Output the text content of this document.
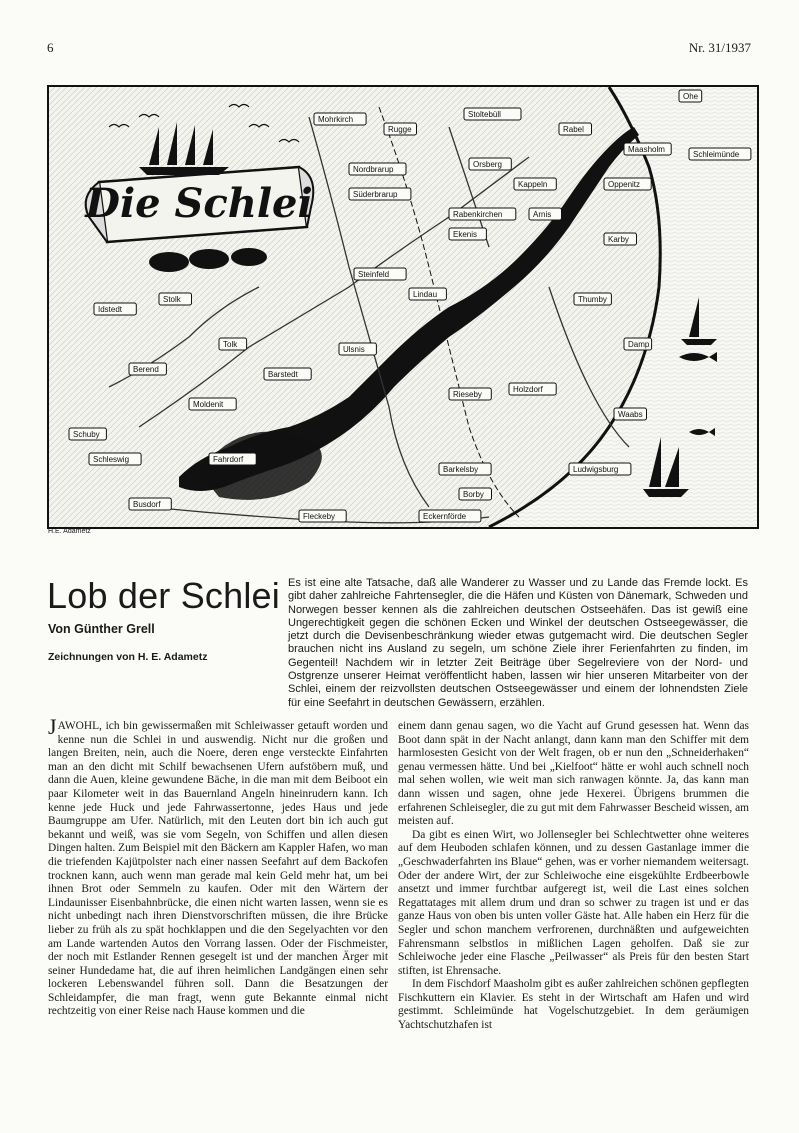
6	Nr. 31/1937
Die Schlei
Mohrkirch
Rugge
Stoltebüll
Rabel
Maasholm
Schleimünde
Nordbrarup
Süderbrarup
Orsberg
Kappeln	Oppenitz
Rabenkirchen	Arnis
Ekenis
Karby
Steinfeld
Lindau
Thumby
Idstedt
Stolk
Tolk
Ulsnis
Damp
Berend
Barstedt
Moldenit
Rieseby
Holzdorf
Schuby
Schleswig	Fahrdorf
Busdorf
Barkelsby	Ludwigsburg
Waabs
Borby
Fleckeby	Eckernförde
Ohe
H.E. Adametz
Lob der Schlei
Von Günther Grell
Zeichnungen von H. E. Adametz
Es ist eine alte Tatsache, daß alle Wanderer zu Wasser und zu Lande das Fremde lockt. Es gibt daher zahlreiche Fahrtensegler, die die Häfen und Küsten von Dänemark, Schweden und Norwegen besser kennen als die zahlreichen deutschen Ostseehäfen. Das ist gewiß eine Ungerechtigkeit gegen die schönen Ecken und Winkel der deutschen Ostseegewässer, die jetzt durch die Devisenbeschränkung wieder etwas gutgemacht wird. Die deutschen Segler brauchen nicht ins Ausland zu segeln, um schöne Ziele ihrer Ferienfahrten zu finden, im Gegenteil! Nachdem wir in letzter Zeit Beiträge über Segelreviere von der Nord- und Ostgrenze unserer Heimat veröffentlicht haben, lassen wir hier unseren Mitarbeiter von der Schlei, einem der reizvollsten deutschen Ostseegewässer und einem der lohnendsten Ziele für eine Seefahrt in deutschen Gewässern, erzählen.

JAWOHL, ich bin gewissermaßen mit Schleiwasser getauft worden und kenne nun die Schlei in und auswendig. Nicht nur die großen und langen Breiten, nein, auch die Noere, deren enge versteckte Einfahrten man an den dicht mit Schilf bewachsenen Ufern aufstöbern muß, und dann die Auen, kleine gewundene Bäche, in die man mit dem Beiboot ein paar Kilometer weit in das Bauernland Angeln hineinrudern kann. Ich kenne jede Huck und jede Fahrwassertonne, jedes Haus und jede Baumgruppe am Ufer. Natürlich, mit den Leuten dort bin ich auch gut bekannt und weiß, was sie vom Segeln, von Schiffen und allen diesen Dingen halten. Zum Beispiel mit den Bäckern am Kappler Hafen, wo man die triefenden Kajütpolster nach einer nassen Seefahrt auf dem Backofen trocknen kann, auch wenn man gerade mal kein Geld mehr hat, um bei ihnen Brot oder Semmeln zu kaufen. Oder mit den Wärtern der Lindaunisser Eisenbahnbrücke, die einen nicht warten lassen, wenn sie es nicht unbedingt nach ihren Dienstvorschriften müssen, die ihre Brücke lieber zu früh als zu spät hochklappen und die den Segelyachten vor den am Lande wartenden Autos den Vorrang lassen. Oder der Fischmeister, der noch mit Estlander Rennen gesegelt ist und der manchen Ärger mit seiner Hundedame hat, die auf ihren heimlichen Landgängen einen sehr lockeren Lebenswandel führen soll. Dann die Besatzungen der Schleidampfer, die man fragt, wenn gute Bekannte einmal nicht rechtzeitig von einer Reise nach Hause kommen und die

einem dann genau sagen, wo die Yacht auf Grund gesessen hat. Wenn das Boot dann spät in der Nacht anlangt, dann kann man den Schiffer mit dem harmlosesten Gesicht von der Welt fragen, ob er nun den „Schneiderhaken“ genau vermessen hätte. Und bei „Kielfoot“ hätte er wohl auch schnell noch mal sehen wollen, wie weit man sich ranwagen könnte. Ja, das kann man dann wissen und sagen, ohne jede Hexerei. Übrigens brummen die erfahrenen Schleisegler, die zu gut mit dem Fahrwasser Bescheid wissen, am meisten auf.

Da gibt es einen Wirt, wo Jollensegler bei Schlechtwetter ohne weiteres auf dem Heuboden schlafen können, und zu dessen Gastanlage immer die „Geschwaderfahrten ins Blaue“ gehen, was er vorher niemandem weitersagt. Oder der andere Wirt, der zur Schleiwoche eine eisgekühlte Erdbeerbowle ansetzt und immer furchtbar aufgeregt ist, weil die Last eines solchen Regattatages mit allem drum und dran so schwer zu tragen ist und er das ganze Haus von oben bis unten voller Gäste hat. Alle haben ein Herz für die Segler und schon manchem verfrorenen, durchnäßten und aufgeweichten Fahrensmann selbstlos in mißlichen Lagen geholfen. Daß sie zur Schleiwoche jeder eine Flasche „Peilwasser“ als Preis für den besten Start stiften, ist Ehrensache.

In dem Fischdorf Maasholm gibt es außer zahlreichen schönen gepflegten Fischkuttern ein Klavier. Es steht in der Wirtschaft am Hafen und wird gestimmt. Schleimünde hat Vogelschutzgebiet. In dem geräumigen Yachtschutzhafen ist
